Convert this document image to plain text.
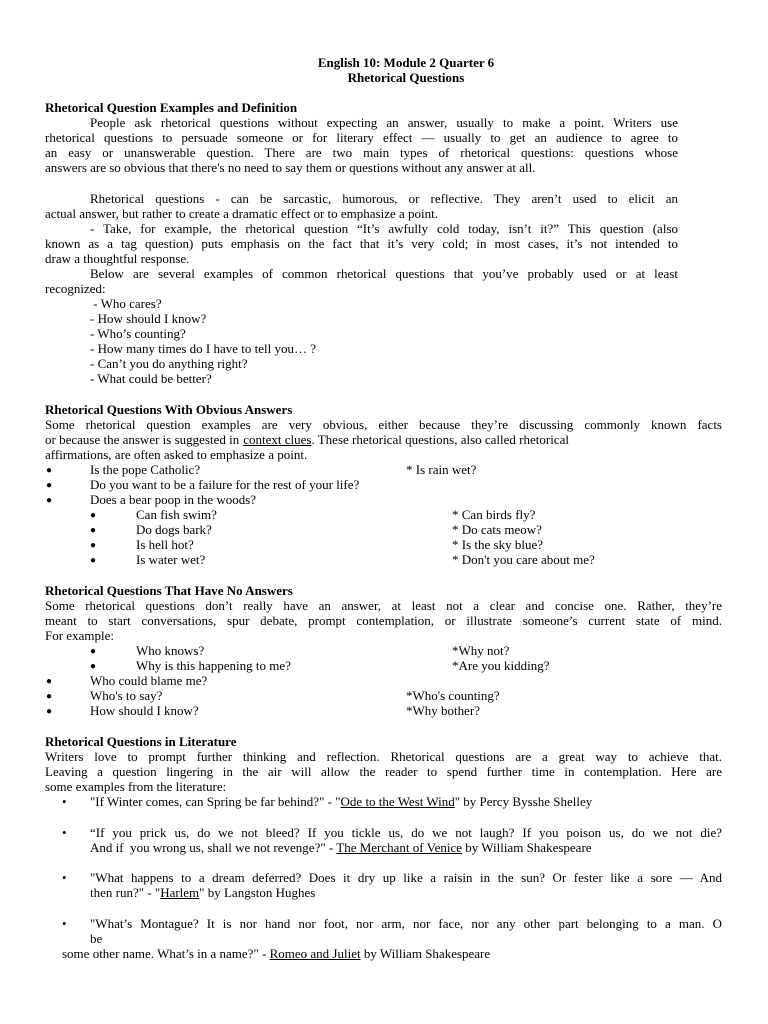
English 10: Module 2 Quarter 6
Rhetorical Questions
Rhetorical Question Examples and Definition
People ask rhetorical questions without expecting an answer, usually to make a point. Writers use
rhetorical questions to persuade someone or for literary effect — usually to get an audience to agree to
an easy or unanswerable question. There are two main types of rhetorical questions: questions whose
answers are so obvious that there's no need to say them or questions without any answer at all.
Rhetorical questions - can be sarcastic, humorous, or reflective. They aren’t used to elicit an
actual answer, but rather to create a dramatic effect or to emphasize a point.
- Take, for example, the rhetorical question “It’s awfully cold today, isn’t it?” This question (also
known as a tag question) puts emphasis on the fact that it’s very cold; in most cases, it’s not intended to
draw a thoughtful response.
Below are several examples of common rhetorical questions that you’ve probably used or at least
recognized:
- Who cares?
- How should I know?
- Who’s counting?
- How many times do I have to tell you… ?
- Can’t you do anything right?
- What could be better?
Rhetorical Questions With Obvious Answers
Some rhetorical question examples are very obvious, either because they’re discussing commonly known facts
or because the answer is suggested in context clues. These rhetorical questions, also called rhetorical
affirmations, are often asked to emphasize a point.
●	Is the pope Catholic?	* Is rain wet?
●	Do you want to be a failure for the rest of your life?
●	Does a bear poop in the woods?
●	Can fish swim?	* Can birds fly?
●	Do dogs bark?	* Do cats meow?
●	Is hell hot?	* Is the sky blue?
●	Is water wet?	* Don't you care about me?
Rhetorical Questions That Have No Answers
Some rhetorical questions don’t really have an answer, at least not a clear and concise one. Rather, they’re
meant to start conversations, spur debate, prompt contemplation, or illustrate someone’s current state of mind.
For example:
●	Who knows?	*Why not?
●	Why is this happening to me?	*Are you kidding?
●	Who could blame me?
●	Who's to say?	*Who's counting?
●	How should I know?	*Why bother?
Rhetorical Questions in Literature
Writers love to prompt further thinking and reflection. Rhetorical questions are a great way to achieve that.
Leaving a question lingering in the air will allow the reader to spend further time in contemplation. Here are
some examples from the literature:
• "If Winter comes, can Spring be far behind?" - "Ode to the West Wind" by Percy Bysshe Shelley
• “If you prick us, do we not bleed? If you tickle us, do we not laugh? If you poison us, do we not die?
And if  you wrong us, shall we not revenge?" - The Merchant of Venice by William Shakespeare
• "What happens to a dream deferred? Does it dry up like a raisin in the sun? Or fester like a sore — And
then run?" - "Harlem" by Langston Hughes
• "What’s Montague? It is nor hand nor foot, nor arm, nor face, nor any other part belonging to a man. O
be
some other name. What’s in a name?" - Romeo and Juliet by William Shakespeare
